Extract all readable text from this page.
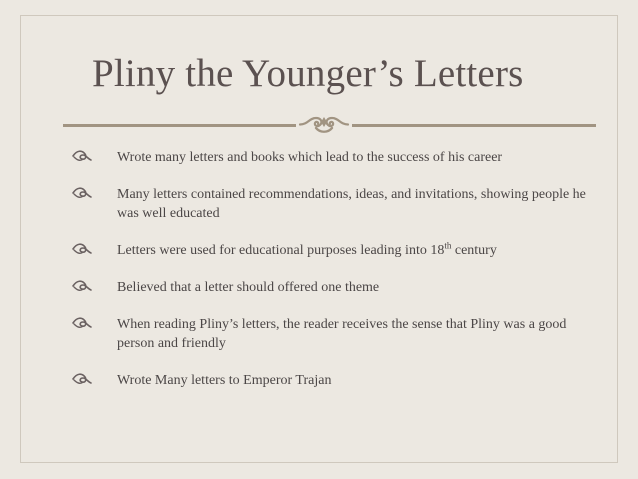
Pliny the Younger’s Letters
Wrote many letters and books which lead to the success of his career
Many letters contained recommendations, ideas, and invitations, showing people he was well educated
Letters were used for educational purposes leading into 18th century
Believed that a letter should offered one theme
When reading Pliny’s letters, the reader receives the sense that Pliny was a good person and friendly
Wrote Many letters to Emperor Trajan
